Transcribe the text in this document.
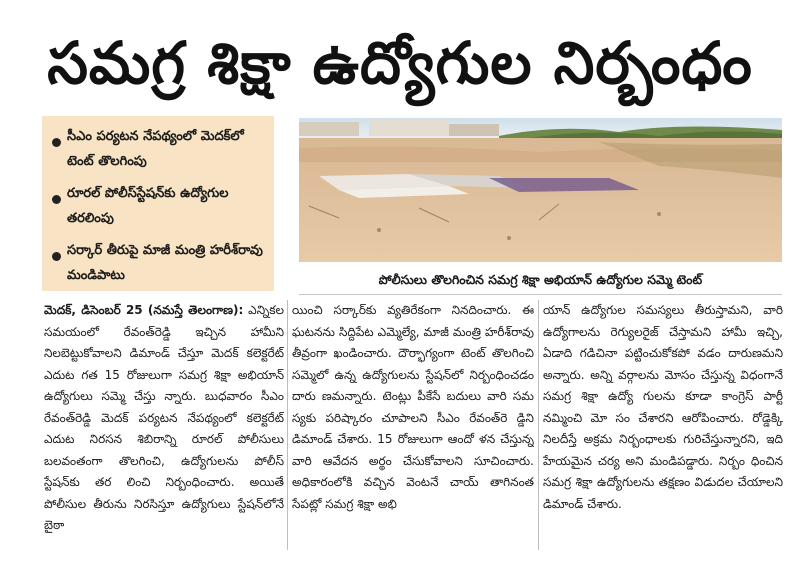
సమగ్ర శిక్షా ఉద్యోగుల నిర్బంధం
సీఎం పర్యటన నేపథ్యంలో మెదక్‌లో టెంట్ తొలగింపు
రూరల్ పోలీస్‌స్టేషన్‌కు ఉద్యోగుల తరలింపు
సర్కార్ తీరుపై మాజీ మంత్రి హరీశ్‌రావు మండిపాటు	పోలీసులు తొలగించిన సమగ్ర శిక్షా అభియాన్ ఉద్యోగుల సమ్మె టెంట్

మెదక్, డిసెంబర్ 25 (నమస్తే తెలంగాణ): ఎన్నికల సమయంలో రేవంత్‌రెడ్డి ఇచ్చిన హామీని నిలబెట్టుకోవాలని డిమాండ్ చేస్తూ మెదక్ కలెక్టరేట్ ఎదుట గత 15 రోజులుగా సమగ్ర శిక్షా అభియాన్ ఉద్యోగులు సమ్మె చేస్తు న్నారు. బుధవారం సీఎం రేవంత్‌రెడ్డి మెదక్ పర్యటన నేపథ్యంలో కలెక్టరేట్ ఎదుట నిరసన శిబిరాన్ని రూరల్ పోలీసులు బలవంతంగా తొలగించి, ఉద్యోగులను పోలీస్ స్టేషన్‌కు తర లించి నిర్బంధించారు. అయితే పోలీసుల తీరును నిరసిస్తూ ఉద్యోగులు స్టేషన్‌లోనే బైఠా

యించి సర్కార్‌కు వ్యతిరేకంగా నినదించారు. ఈ ఘటనను సిద్దిపేట ఎమ్మెల్యే, మాజీ మంత్రి హరీశ్‌రావు తీవ్రంగా ఖండించారు. దౌర్భాగ్యంగా టెంట్ తొలగించి సమ్మెలో ఉన్న ఉద్యోగులను స్టేషన్‌లో నిర్బంధించడం దారు ణమన్నారు. టెంట్లు పీకేసే బదులు వారి సమ స్యకు పరిష్కారం చూపాలని సీఎం రేవంత్‌రె డ్డిని డిమాండ్ చేశారు. 15 రోజులుగా ఆందో ళన చేస్తున్న వారి ఆవేదన అర్థం చేసుకోవాలని సూచించారు. అధికారంలోకి వచ్చిన వెంటనే చాయ్ తాగినంత సేపట్లో సమగ్ర శిక్షా అభి

యాన్ ఉద్యోగుల సమస్యలు తీరుస్తామని, వారి ఉద్యోగాలను రెగ్యులరైజ్ చేస్తామని హామీ ఇచ్చి, ఏడాది గడిచినా పట్టించుకోకపో వడం దారుణమని అన్నారు. అన్ని వర్గాలను మోసం చేస్తున్న విధంగానే సమగ్ర శిక్షా ఉద్యో గులను కూడా కాంగ్రెస్ పార్టీ నమ్మించి మో సం చేశారని ఆరోపించారు. రోడ్డెక్కి నిలదీస్తే అక్రమ నిర్బంధాలకు గురిచేస్తున్నారని, ఇది హేయమైన చర్య అని మండిపడ్డారు. నిర్బం ధించిన సమగ్ర శిక్షా ఉద్యోగులను తక్షణం విడుదల చేయాలని డిమాండ్ చేశారు.
